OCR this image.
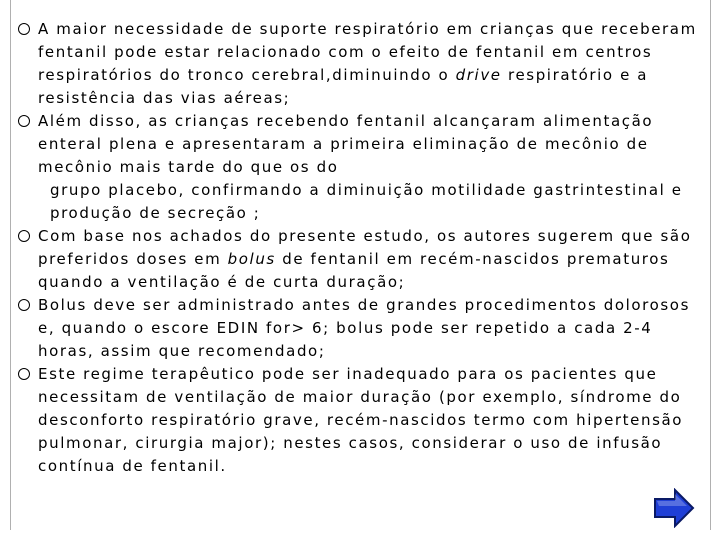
A maior necessidade de suporte respiratório em crianças que receberam fentanil pode estar relacionado com o efeito de fentanil em centros respiratórios do tronco cerebral,diminuindo o drive respiratório e a resistência das vias aéreas;

Além disso, as crianças recebendo fentanil alcançaram alimentação enteral plena e apresentaram a primeira eliminação de mecônio de mecônio mais tarde do que os do

grupo placebo, confirmando a diminuição motilidade gastrintestinal e produção de secreção ;

Com base nos achados do presente estudo, os autores sugerem que são preferidos doses em bolus de fentanil em recém-nascidos prematuros quando a ventilação é de curta duração;

Bolus deve ser administrado antes de grandes procedimentos dolorosos e, quando o escore EDIN for> 6; bolus pode ser repetido a cada 2-4 horas, assim que recomendado;

Este regime terapêutico pode ser inadequado para os pacientes que necessitam de ventilação de maior duração (por exemplo, síndrome do desconforto respiratório grave, recém-nascidos termo com hipertensão pulmonar, cirurgia major); nestes casos, considerar o uso de infusão contínua de fentanil.
